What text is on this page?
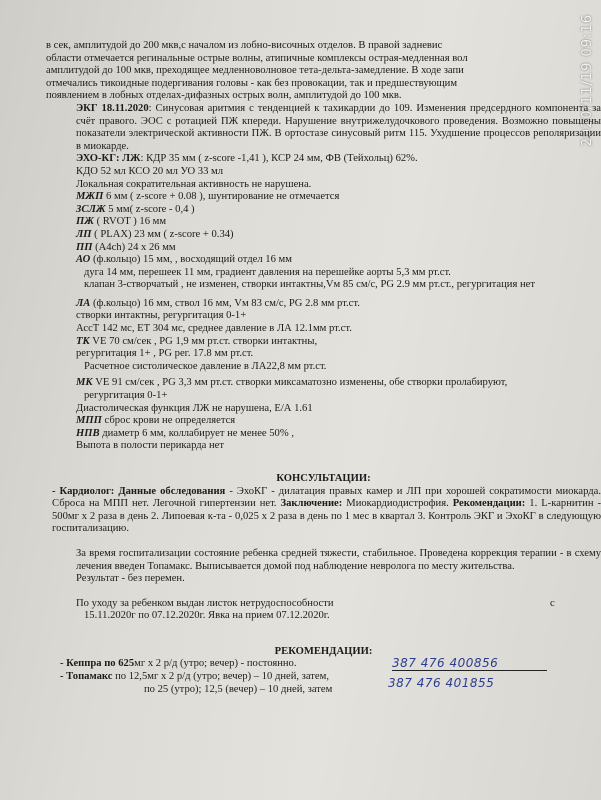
2020/11/19 09:16

в сек, амплитудой до 200 мкв,с началом из лобно-височных отделов. В правой задневис

области отмечается регинальные острые волны, атипичные комплексы острая-медленная вол

амплитудой до 100 мкв, преходящее медленноволновое тета-дельта-замедление. В ходе запи

отмечались тикоидные подергивания головы - как без провокации, так и предшествующим

появлением в лобных отделах-дифазных острых волн, амплитудой до 100 мкв.

ЭКГ 18.11.2020: Синусовая аритмия с тенденцией к тахикардии до 109. Изменения предсердного компонента за счёт правого. ЭОС с ротацией ПЖ кпереди. Нарушение внутрижелудочкового проведения. Возможно повышены показатели электрической активности ПЖ. В ортостазе синусовый ритм 115. Ухудшение процессов реполяризации в миокарде.

ЭХО-КГ: ЛЖ: КДР 35 мм ( z-score -1,41 ), КСР 24 мм, ФВ (Тейхольц) 62%.

КДО 52 мл КСО 20 мл УО 33 мл

Локальная сократительная активность не нарушена.

МЖП 6 мм ( z-score + 0.08 ), шунтирование не отмечается

ЗСЛЖ 5 мм( z-score - 0,4 )

ПЖ ( RVOT ) 16 мм

ЛП ( PLAX) 23 мм ( z-score + 0.34)

ПП (A4ch) 24 х 26 мм

АО (ф.кольцо) 15 мм, , восходящий отдел 16 мм

дуга 14 мм, перешеек 11 мм, градиент давления на перешейке аорты 5,3 мм рт.ст.

клапан 3-створчатый , не изменен, створки интактны,Vм 85 см/с, PG 2.9 мм рт.ст., регургитация нет

ЛА (ф.кольцо) 16 мм, ствол 16 мм, Vм 83 см/с, PG 2.8 мм рт.ст.

створки интактны, регургитация 0-1+

АссТ 142 мс, ЕТ 304 мс, среднее давление в ЛА 12.1мм рт.ст.

ТК VE 70 см/сек , PG 1,9 мм рт.ст. створки интактны,

регургитация 1+ , PG рег. 17.8 мм рт.ст.

Расчетное систолическое давление в ЛА22,8 мм рт.ст.

МК VE 91 см/сек , PG 3,3 мм рт.ст. створки миксаматозно изменены, обе створки пролабируют,

регургитация 0-1+

Диастолическая функция ЛЖ не нарушена, Е/А 1.61

МПП сброс крови не определяется

НПВ диаметр 6 мм, коллабирует не менее 50% ,

Выпота в полости перикарда нет

КОНСУЛЬТАЦИИ:

- Кардиолог: Данные обследования - ЭхоКГ - дилатация правых камер и ЛП при хорошей сократимости миокарда. Сброса на МПП нет. Легочной гипертензии нет. Заключение: Миокардиодистрофия. Рекомендации: 1. L-карнитин - 500мг х 2 раза в день 2. Липоевая к-та - 0,025 х 2 раза в день по 1 мес в квартал 3. Контроль ЭКГ и ЭхоКГ в следующую госпитализацию.

За время госпитализации состояние ребенка средней тяжести, стабильное. Проведена коррекция терапии - в схему лечения введен Топамакс. Выписывается домой под наблюдение невролога по месту жительства.

Результат - без перемен.

По уходу за ребенком выдан листок нетрудоспособности	с

15.11.2020г по 07.12.2020г. Явка на прием 07.12.2020г.

РЕКОМЕНДАЦИИ:

- Кеппра по 625мг х 2 р/д (утро; вечер) - постоянно.

- Топамакс по 12,5мг х 2 р/д (утро; вечер) – 10 дней, затем,

по 25 (утро); 12,5 (вечер) – 10 дней, затем

387 476 400856
387 476 401855
